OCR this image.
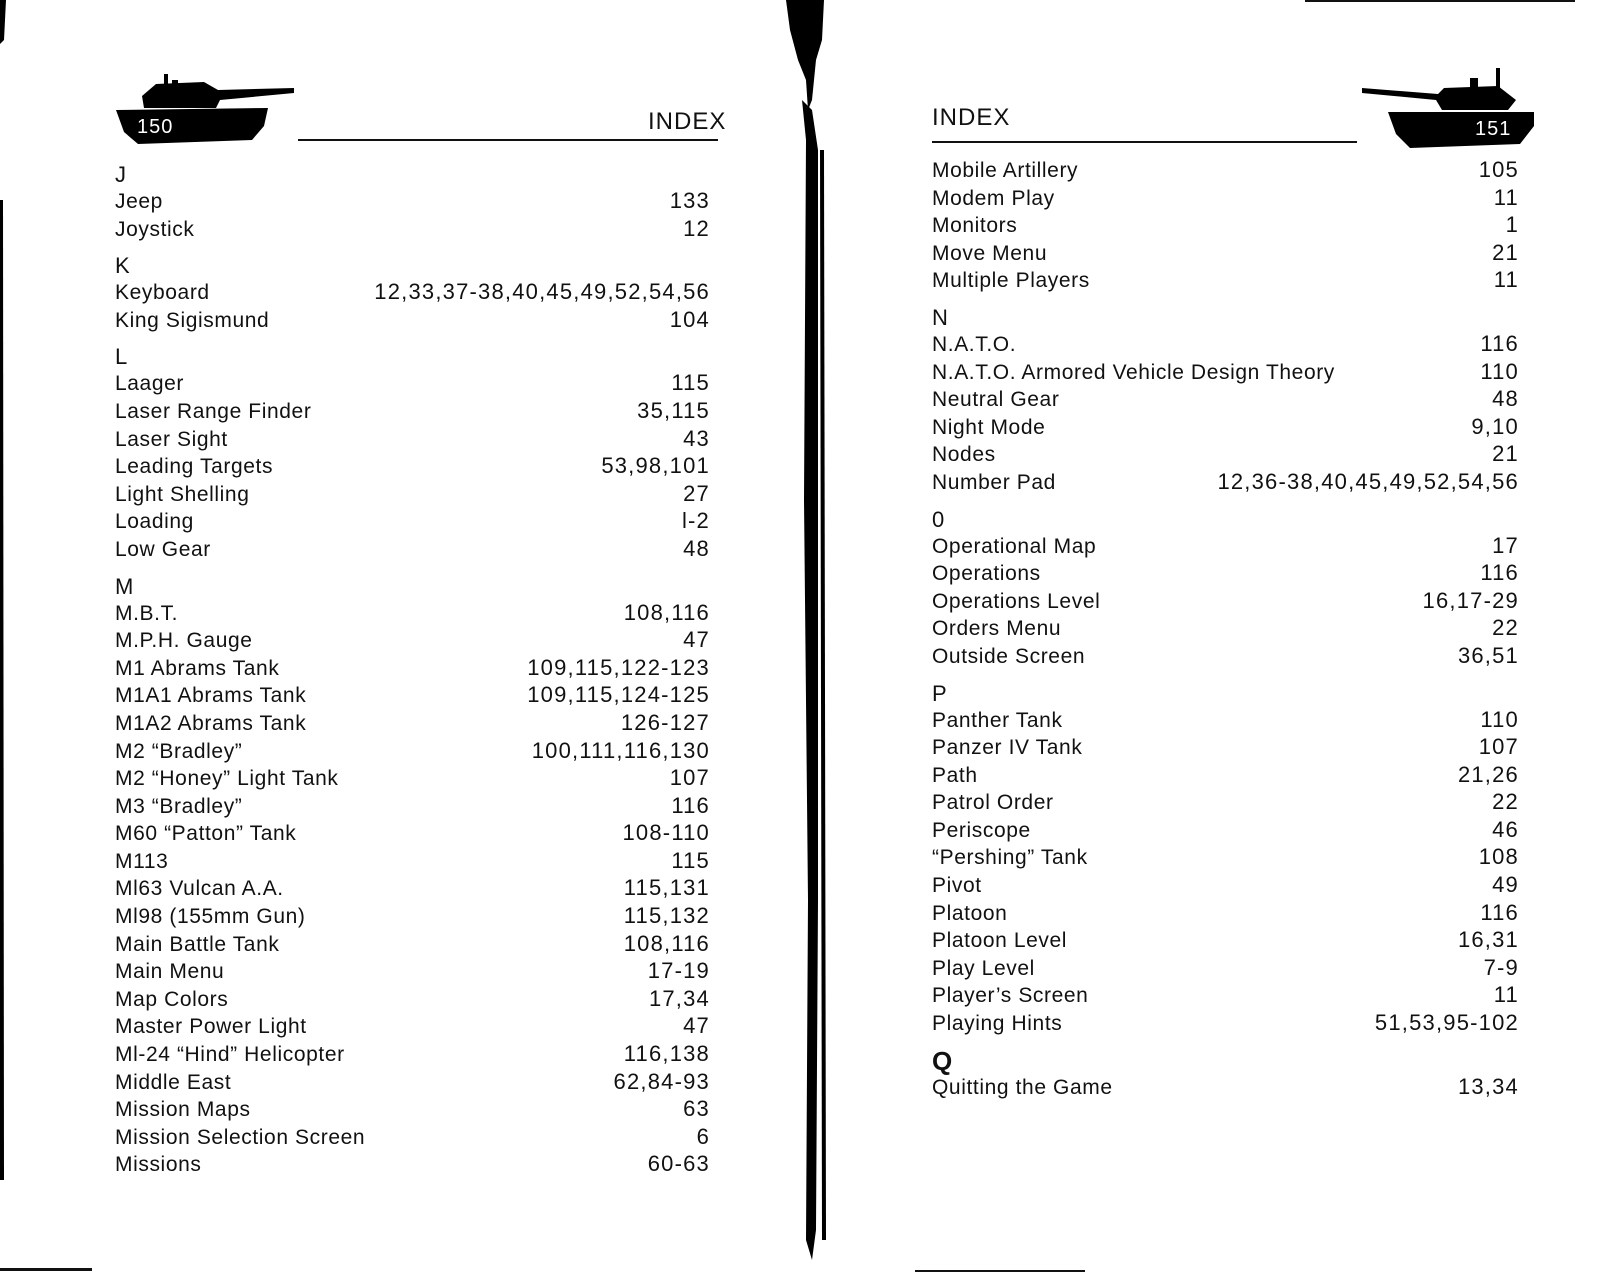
150	INDEX
J
Jeep	133
Joystick	12
K
Keyboard	12,33,37-38,40,45,49,52,54,56
King Sigismund	104
L
Laager	115
Laser Range Finder	35,115
Laser Sight	43
Leading Targets	53,98,101
Light Shelling	27
Loading	l-2
Low Gear	48
M
M.B.T.	108,116
M.P.H. Gauge	47
M1 Abrams Tank	109,115,122-123
M1A1 Abrams Tank	109,115,124-125
M1A2 Abrams Tank	126-127
M2 “Bradley”	100,111,116,130
M2 “Honey” Light Tank	107
M3 “Bradley”	116
M60 “Patton” Tank	108-110
M113	115
Ml63 Vulcan A.A.	115,131
Ml98 (155mm Gun)	115,132
Main Battle Tank	108,116
Main Menu	17-19
Map Colors	17,34
Master Power Light	47
Ml-24 “Hind” Helicopter	116,138
Middle East	62,84-93
Mission Maps	63
Mission Selection Screen	6
Missions	60-63
INDEX	151
Mobile Artillery	105
Modem Play	11
Monitors	1
Move Menu	21
Multiple Players	11
N
N.A.T.O.	116
N.A.T.O. Armored Vehicle Design Theory	110
Neutral Gear	48
Night Mode	9,10
Nodes	21
Number Pad	12,36-38,40,45,49,52,54,56
0
Operational Map	17
Operations	116
Operations Level	16,17-29
Orders Menu	22
Outside Screen	36,51
P
Panther Tank	110
Panzer IV Tank	107
Path	21,26
Patrol Order	22
Periscope	46
“Pershing” Tank	108
Pivot	49
Platoon	116
Platoon Level	16,31
Play Level	7-9
Player’s Screen	11
Playing Hints	51,53,95-102
Q
Quitting the Game	13,34
